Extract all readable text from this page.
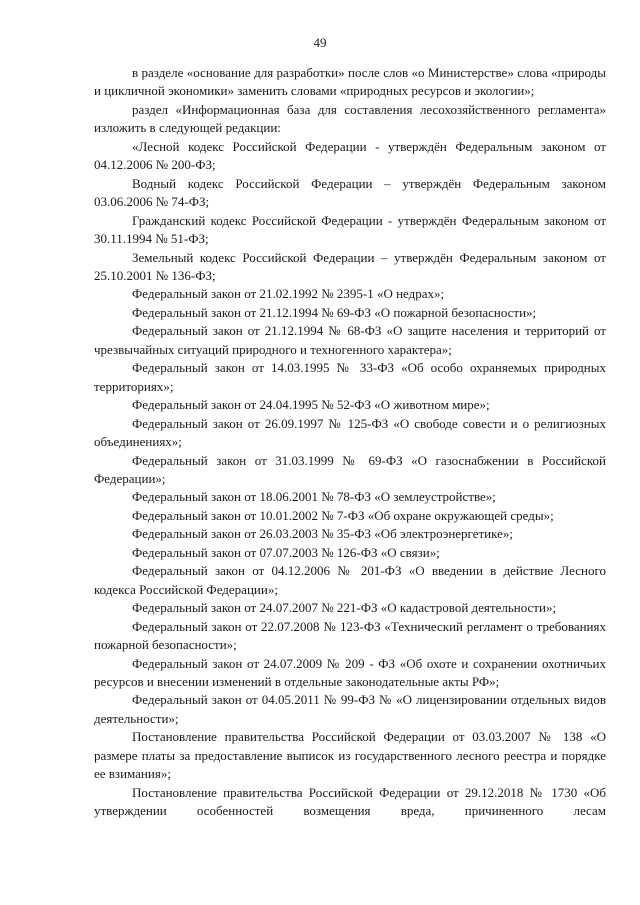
49

в разделе «основание для разработки» после слов «о Министерстве» слова «природы и цикличной экономики» заменить словами «природных ресурсов и экологии»;

раздел «Информационная база для составления лесохозяйственного регламента» изложить в следующей редакции:

«Лесной кодекс Российской Федерации - утверждён Федеральным законом от 04.12.2006 № 200-ФЗ;

Водный кодекс Российской Федерации – утверждён Федеральным законом 03.06.2006 № 74-ФЗ;

Гражданский кодекс Российской Федерации - утверждён Федеральным законом от 30.11.1994 № 51-ФЗ;

Земельный кодекс Российской Федерации – утверждён Федеральным законом от 25.10.2001 № 136-ФЗ;

Федеральный закон от 21.02.1992 № 2395-1 «О недрах»;

Федеральный закон от 21.12.1994 № 69-ФЗ «О пожарной безопасности»;

Федеральный закон от 21.12.1994 № 68-ФЗ «О защите населения и территорий от чрезвычайных ситуаций природного и техногенного характера»;

Федеральный закон от 14.03.1995 № 33-ФЗ «Об особо охраняемых природных территориях»;

Федеральный закон от 24.04.1995 № 52-ФЗ «О животном мире»;

Федеральный закон от 26.09.1997 № 125-ФЗ «О свободе совести и о религиозных объединениях»;

Федеральный закон от 31.03.1999 № 69-ФЗ «О газоснабжении в Российской Федерации»;

Федеральный закон от 18.06.2001 № 78-ФЗ «О землеустройстве»;

Федеральный закон от 10.01.2002 № 7-ФЗ «Об охране окружающей среды»;

Федеральный закон от 26.03.2003 № 35-ФЗ «Об электроэнергетике»;

Федеральный закон от 07.07.2003 № 126-ФЗ «О связи»;

Федеральный закон от 04.12.2006 № 201-ФЗ «О введении в действие Лесного кодекса Российской Федерации»;

Федеральный закон от 24.07.2007 № 221-ФЗ «О кадастровой деятельности»;

Федеральный закон от 22.07.2008 № 123-ФЗ «Технический регламент о требованиях пожарной безопасности»;

Федеральный закон от 24.07.2009 № 209 - ФЗ «Об охоте и сохранении охотничьих ресурсов и внесении изменений в отдельные законодательные акты РФ»;

Федеральный закон от 04.05.2011 № 99-ФЗ № «О лицензировании отдельных видов деятельности»;

Постановление правительства Российской Федерации от 03.03.2007 № 138 «О размере платы за предоставление выписок из государственного лесного реестра и порядке ее взимания»;

Постановление правительства Российской Федерации от 29.12.2018 № 1730 «Об утверждении особенностей возмещения вреда, причиненного лесам
